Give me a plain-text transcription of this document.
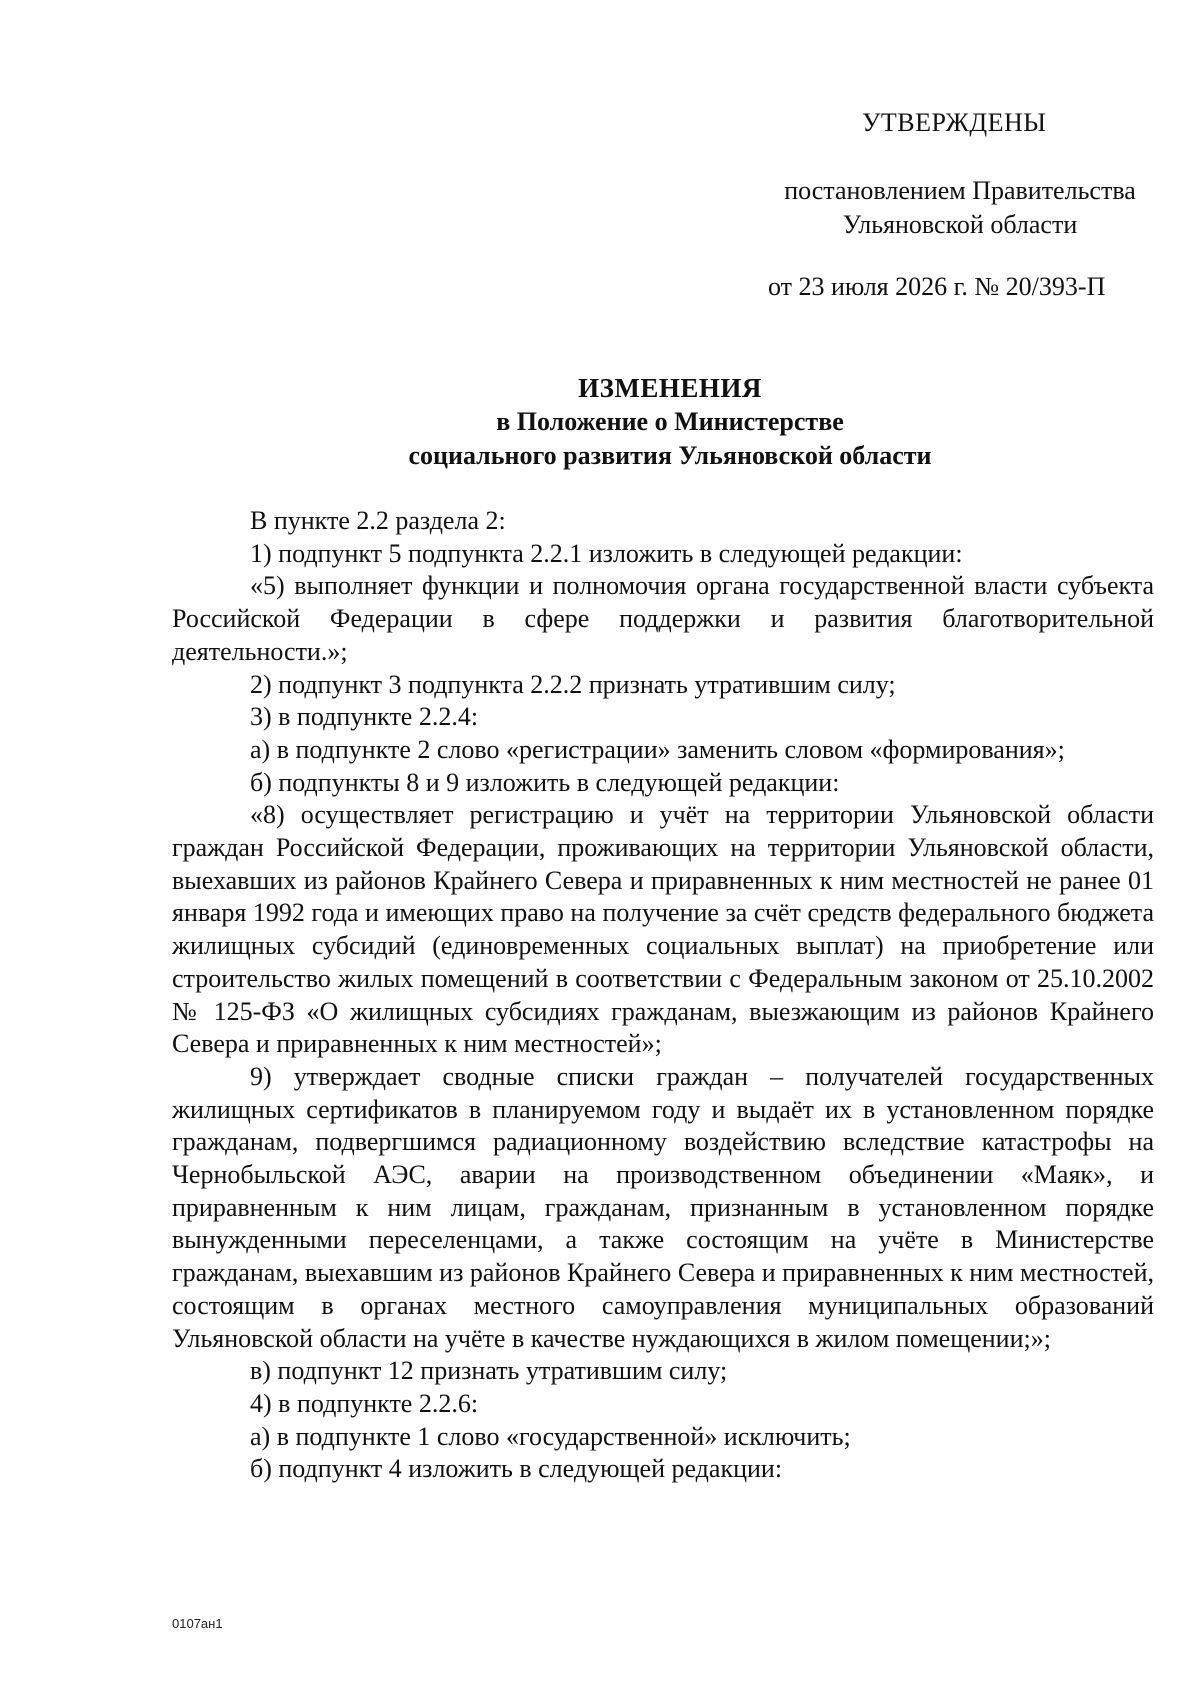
УТВЕРЖДЕНЫ
постановлением Правительства
Ульяновской области
от 23 июля 2026 г. № 20/393-П
ИЗМЕНЕНИЯ
в Положение о Министерстве
социального развития Ульяновской области

В пункте 2.2 раздела 2:

1) подпункт 5 подпункта 2.2.1 изложить в следующей редакции:

«5) выполняет функции и полномочия органа государственной власти субъекта Российской Федерации в сфере поддержки и развития благотворительной деятельности.»;

2) подпункт 3 подпункта 2.2.2 признать утратившим силу;

3) в подпункте 2.2.4:

а) в подпункте 2 слово «регистрации» заменить словом «формирования»;

б) подпункты 8 и 9 изложить в следующей редакции:

«8) осуществляет регистрацию и учёт на территории Ульяновской области граждан Российской Федерации, проживающих на территории Ульяновской области, выехавших из районов Крайнего Севера и приравненных к ним местностей не ранее 01 января 1992 года и имеющих право на получение за счёт средств федерального бюджета жилищных субсидий (единовременных социальных выплат) на приобретение или строительство жилых помещений в соответствии с Федеральным законом от 25.10.2002 № 125-ФЗ «О жилищных субсидиях гражданам, выезжающим из районов Крайнего Севера и приравненных к ним местностей»;

9) утверждает сводные списки граждан – получателей государственных жилищных сертификатов в планируемом году и выдаёт их в установленном порядке гражданам, подвергшимся радиационному воздействию вследствие катастрофы на Чернобыльской АЭС, аварии на производственном объединении «Маяк», и приравненным к ним лицам, гражданам, признанным в установленном порядке вынужденными переселенцами, а также состоящим на учёте в Министерстве гражданам, выехавшим из районов Крайнего Севера и приравненных к ним местностей, состоящим в органах местного самоуправления муниципальных образований Ульяновской области на учёте в качестве нуждающихся в жилом помещении;»;

в) подпункт 12 признать утратившим силу;

4) в подпункте 2.2.6:

а) в подпункте 1 слово «государственной» исключить;

б) подпункт 4 изложить в следующей редакции:

0107ан1
